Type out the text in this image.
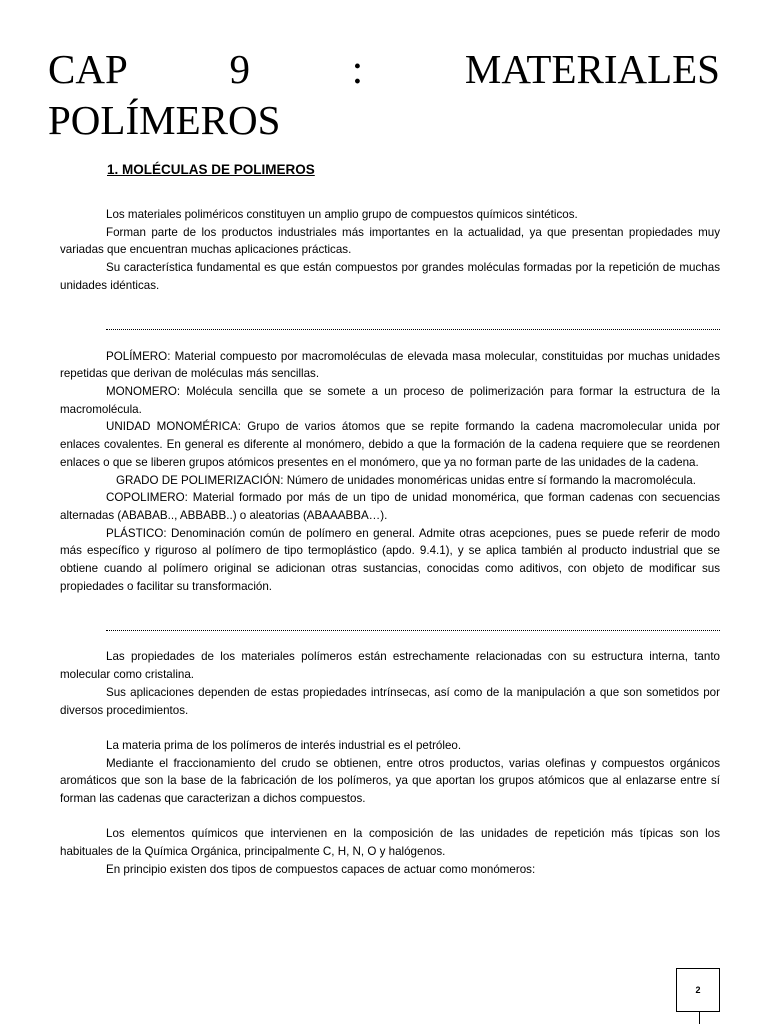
CAP 9 : MATERIALES
POLÍMEROS
1. MOLÉCULAS DE POLIMEROS

Los materiales poliméricos constituyen un amplio grupo de compuestos químicos sintéticos.

Forman parte de los productos industriales más importantes en la actualidad, ya que presentan propiedades muy variadas que encuentran muchas aplicaciones prácticas.

Su característica fundamental es que están compuestos por grandes moléculas formadas por la repetición de muchas unidades idénticas.

POLÍMERO: Material compuesto por macromoléculas de elevada masa molecular, constituidas por muchas unidades repetidas que derivan de moléculas más sencillas.

MONOMERO: Molécula sencilla que se somete a un proceso de polimerización para formar la estructura de la macromolécula.

UNIDAD MONOMÉRICA: Grupo de varios átomos que se repite formando la cadena macromolecular unida por enlaces covalentes. En general es diferente al monómero, debido a que la formación de la cadena requiere que se reordenen enlaces o que se liberen grupos atómicos presentes en el monómero, que ya no forman parte de las unidades de la cadena.

GRADO DE POLIMERIZACIÓN: Número de unidades monoméricas unidas entre sí formando la macromolécula.

COPOLIMERO: Material formado por más de un tipo de unidad monomérica, que forman cadenas con secuencias alternadas (ABABAB.., ABBABB..) o aleatorias (ABAAABBA…).

PLÁSTICO: Denominación común de polímero en general. Admite otras acepciones, pues se puede referir de modo más específico y riguroso al polímero de tipo termoplástico (apdo. 9.4.1), y se aplica también al producto industrial que se obtiene cuando al polímero original se adicionan otras sustancias, conocidas como aditivos, con objeto de modificar sus propiedades o facilitar su transformación.

Las propiedades de los materiales polímeros están estrechamente relacionadas con su estructura interna, tanto molecular como cristalina.

Sus aplicaciones dependen de estas propiedades intrínsecas, así como de la manipulación a que son sometidos por diversos procedimientos.

La materia prima de los polímeros de interés industrial es el petróleo.

Mediante el fraccionamiento del crudo se obtienen, entre otros productos, varias olefinas y compuestos orgánicos aromáticos que son la base de la fabricación de los polímeros, ya que aportan los grupos atómicos que al enlazarse entre sí forman las cadenas que caracterizan a dichos compuestos.

Los elementos químicos que intervienen en la composición de las unidades de repetición más típicas son los habituales de la Química Orgánica, principalmente C, H, N, O y halógenos.

En principio existen dos tipos de compuestos capaces de actuar como monómeros:

2
